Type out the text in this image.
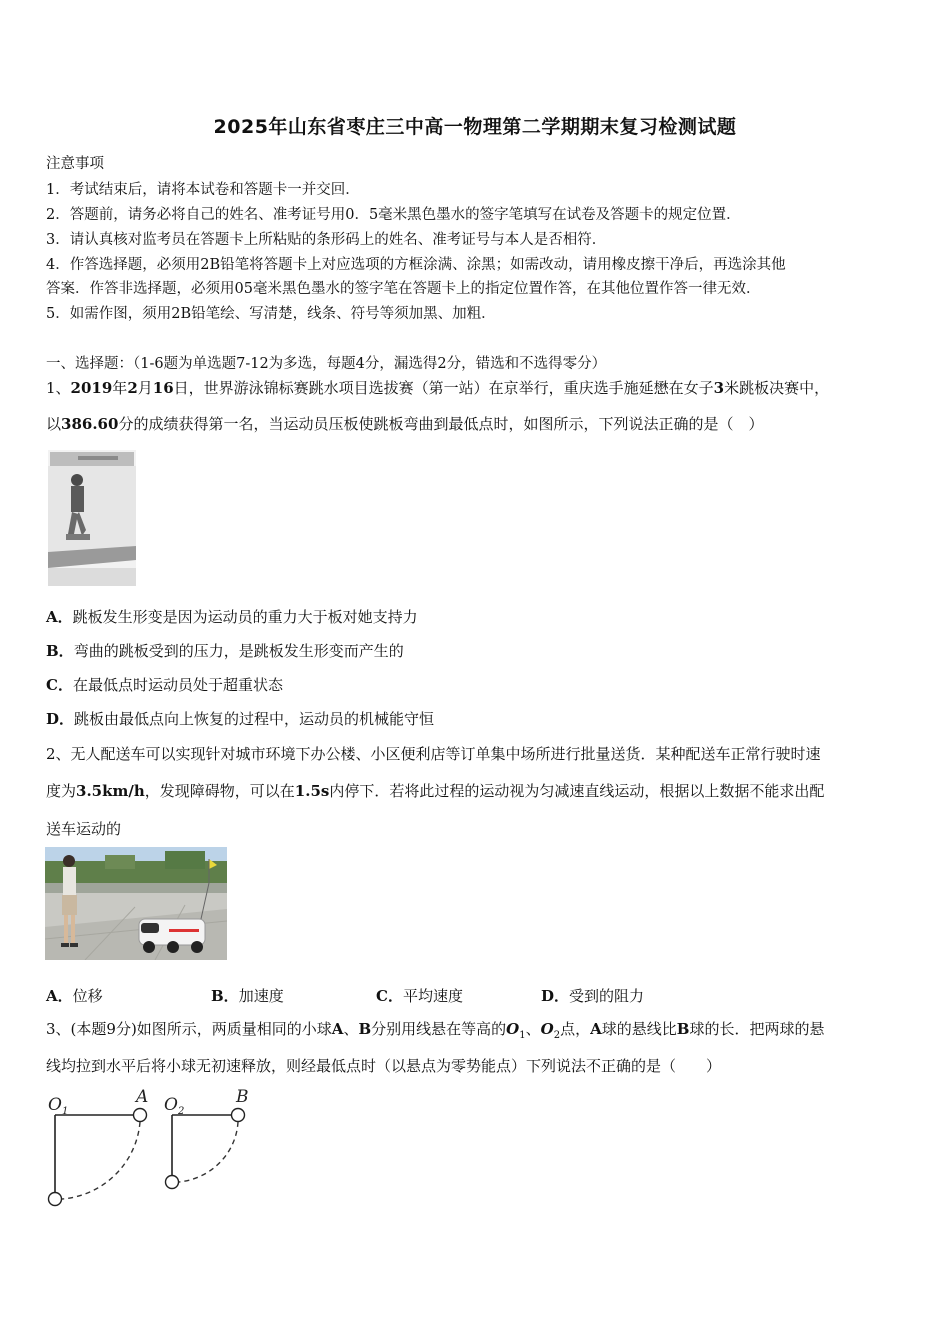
2025年山东省枣庄三中高一物理第二学期期末复习检测试题
注意事项
1．考试结束后，请将本试卷和答题卡一并交回．
2．答题前，请务必将自己的姓名、准考证号用0．5毫米黑色墨水的签字笔填写在试卷及答题卡的规定位置．
3．请认真核对监考员在答题卡上所粘贴的条形码上的姓名、准考证号与本人是否相符．
4．作答选择题，必须用2B铅笔将答题卡上对应选项的方框涂满、涂黑；如需改动，请用橡皮擦干净后，再选涂其他
答案．作答非选择题，必须用05毫米黑色墨水的签字笔在答题卡上的指定位置作答，在其他位置作答一律无效．
5．如需作图，须用2B铅笔绘、写清楚，线条、符号等须加黑、加粗．
一、选择题：（1-6题为单选题7-12为多选，每题4分，漏选得2分，错选和不选得零分）
1、2019年2月16日，世界游泳锦标赛跳水项目选拔赛（第一站）在京举行，重庆选手施延懋在女子3米跳板决赛中，
以386.60分的成绩获得第一名，当运动员压板使跳板弯曲到最低点时，如图所示，下列说法正确的是（　）
A．跳板发生形变是因为运动员的重力大于板对她支持力
B．弯曲的跳板受到的压力，是跳板发生形变而产生的
C．在最低点时运动员处于超重状态
D．跳板由最低点向上恢复的过程中，运动员的机械能守恒
2、无人配送车可以实现针对城市环境下办公楼、小区便利店等订单集中场所进行批量送货．某种配送车正常行驶时速
度为3.5km/h，发现障碍物，可以在1.5s内停下．若将此过程的运动视为匀减速直线运动，根据以上数据不能求出配
送车运动的
A．位移	B．加速度	C．平均速度	D．受到的阻力
3、(本题9分)如图所示，两质量相同的小球A、B分别用线悬在等高的$O_1$、$O_2$点，A球的悬线比B球的长．把两球的悬
线均拉到水平后将小球无初速释放，则经最低点时（以悬点为零势能点）下列说法不正确的是（　　）
$O_1$
A $O_2$
B
